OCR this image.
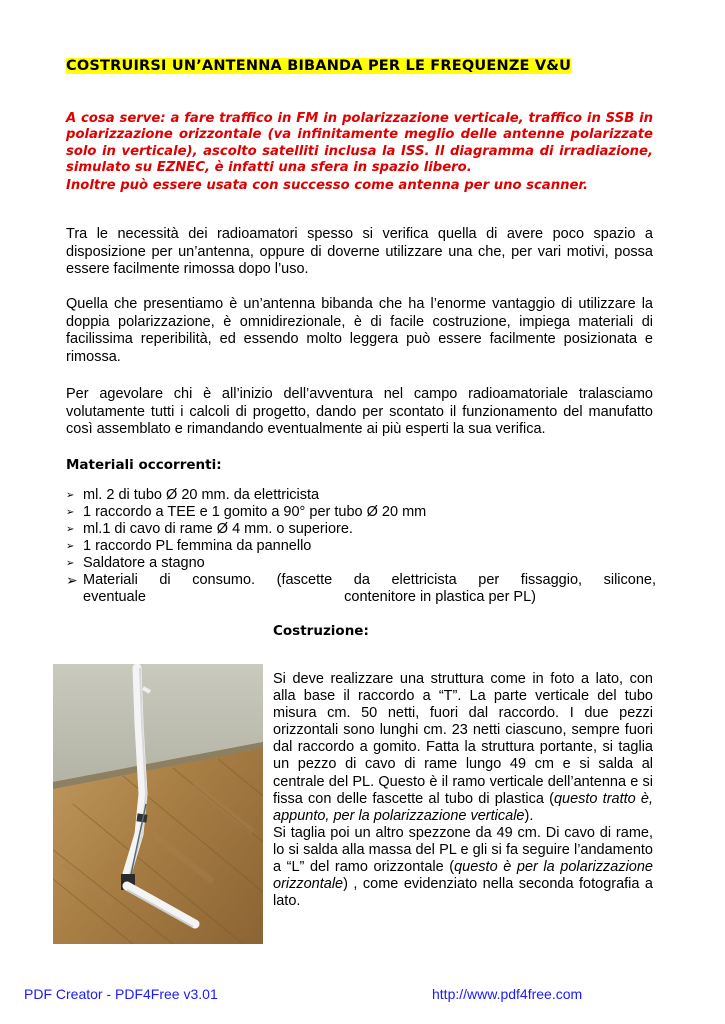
COSTRUIRSI UN’ANTENNA BIBANDA PER LE FREQUENZE V&U

A cosa serve: a fare traffico in FM in polarizzazione verticale, traffico in SSB in polarizzazione orizzontale (va infinitamente meglio delle antenne polarizzate solo in verticale), ascolto satelliti inclusa la ISS. Il diagramma di irradiazione, simulato su EZNEC, è infatti una sfera in spazio libero.

Inoltre può essere usata con successo come antenna per uno scanner.

Tra le necessità dei radioamatori spesso si verifica quella di avere poco spazio a disposizione per un’antenna, oppure di doverne utilizzare una che, per vari motivi, possa essere facilmente rimossa dopo l’uso.

Quella che presentiamo è un’antenna bibanda che ha l’enorme vantaggio di utilizzare la doppia polarizzazione, è omnidirezionale, è di facile costruzione, impiega materiali di facilissima reperibilità, ed essendo molto leggera può essere facilmente posizionata e rimossa.

Per agevolare chi è all’inizio dell’avventura nel campo radioamatoriale tralasciamo volutamente tutti i calcoli di progetto, dando per scontato il funzionamento del manufatto così assemblato e rimandando eventualmente ai più esperti la sua verifica.

Materiali occorrenti:
➢ ml. 2 di tubo Ø 20 mm. da elettricista
➢ 1 raccordo a TEE e 1 gomito a 90° per tubo Ø 20 mm
➢ ml.1 di cavo di rame Ø 4 mm. o superiore.
➢ 1 raccordo PL femmina da pannello
➢ Saldatore a stagno
➢ Materiali di consumo. (fascette da elettricista per fissaggio, silicone,
eventuale	contenitore in plastica per PL)
Costruzione:

Si deve realizzare una struttura come in foto a lato, con alla base il raccordo a “T”. La parte verticale del tubo misura cm. 50 netti, fuori dal raccordo. I due pezzi orizzontali sono lunghi cm. 23 netti ciascuno, sempre fuori dal raccordo a gomito. Fatta la struttura portante, si taglia un pezzo di cavo di rame lungo 49 cm e si salda al centrale del PL. Questo è il ramo verticale dell’antenna e si fissa con delle fascette al tubo di plastica (questo tratto è, appunto, per la polarizzazione verticale).
Si taglia poi un altro spezzone da 49 cm. Di cavo di rame, lo si salda alla massa del PL e gli si fa seguire l’andamento a “L” del ramo orizzontale (questo è per la polarizzazione orizzontale) , come evidenziato nella seconda fotografia a lato.

PDF Creator - PDF4Free v3.01	http://www.pdf4free.com
